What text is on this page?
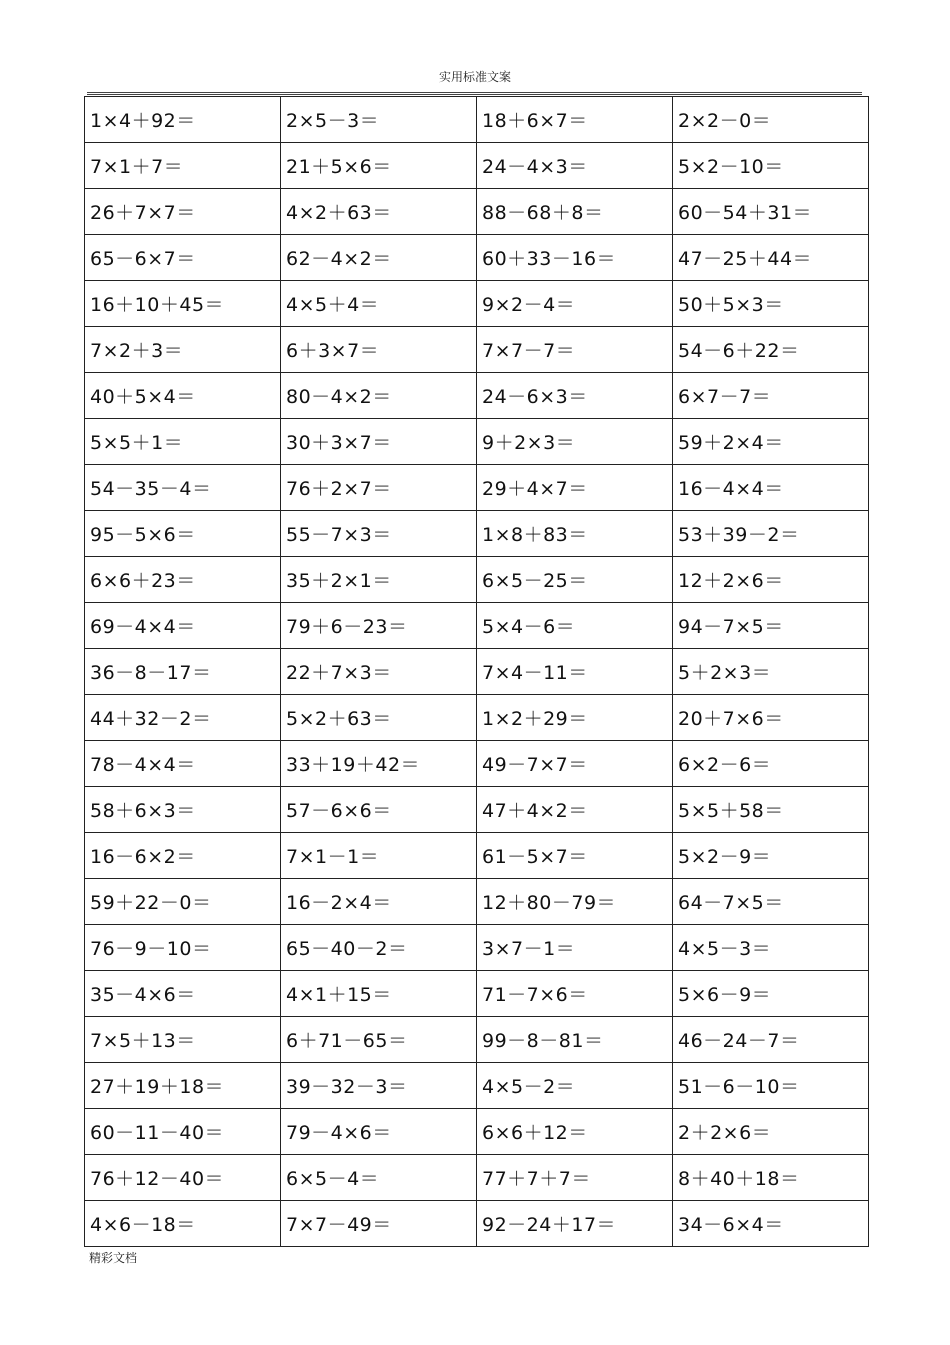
实用标准文案
1×4＋92＝	2×5－3＝	18＋6×7＝	2×2－0＝
7×1＋7＝	21＋5×6＝	24－4×3＝	5×2－10＝
26＋7×7＝	4×2＋63＝	88－68＋8＝	60－54＋31＝
65－6×7＝	62－4×2＝	60＋33－16＝	47－25＋44＝
16＋10＋45＝	4×5＋4＝	9×2－4＝	50＋5×3＝
7×2＋3＝	6＋3×7＝	7×7－7＝	54－6＋22＝
40＋5×4＝	80－4×2＝	24－6×3＝	6×7－7＝
5×5＋1＝	30＋3×7＝	9＋2×3＝	59＋2×4＝
54－35－4＝	76＋2×7＝	29＋4×7＝	16－4×4＝
95－5×6＝	55－7×3＝	1×8＋83＝	53＋39－2＝
6×6＋23＝	35＋2×1＝	6×5－25＝	12＋2×6＝
69－4×4＝	79＋6－23＝	5×4－6＝	94－7×5＝
36－8－17＝	22＋7×3＝	7×4－11＝	5＋2×3＝
44＋32－2＝	5×2＋63＝	1×2＋29＝	20＋7×6＝
78－4×4＝	33＋19＋42＝	49－7×7＝	6×2－6＝
58＋6×3＝	57－6×6＝	47＋4×2＝	5×5＋58＝
16－6×2＝	7×1－1＝	61－5×7＝	5×2－9＝
59＋22－0＝	16－2×4＝	12＋80－79＝	64－7×5＝
76－9－10＝	65－40－2＝	3×7－1＝	4×5－3＝
35－4×6＝	4×1＋15＝	71－7×6＝	5×6－9＝
7×5＋13＝	6＋71－65＝	99－8－81＝	46－24－7＝
27＋19＋18＝	39－32－3＝	4×5－2＝	51－6－10＝
60－11－40＝	79－4×6＝	6×6＋12＝	2＋2×6＝
76＋12－40＝	6×5－4＝	77＋7＋7＝	8＋40＋18＝
4×6－18＝	7×7－49＝	92－24＋17＝	34－6×4＝
精彩文档
